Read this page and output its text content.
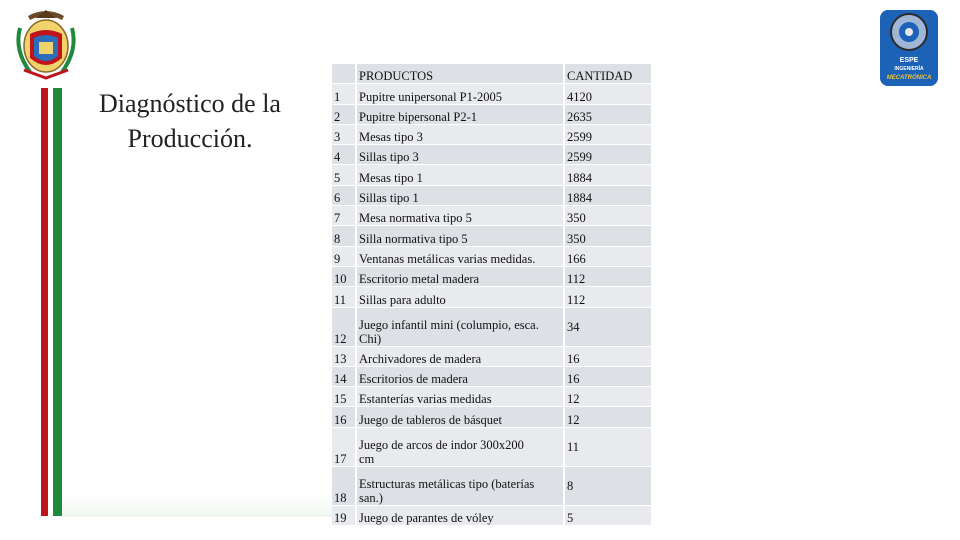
ESPE
INGENIERÍA
MECATRÓNICA
Diagnóstico de la
Producción.
	PRODUCTOS	CANTIDAD
1	Pupitre unipersonal P1-2005	4120
2	Pupitre bipersonal P2-1	2635
3	Mesas tipo 3	2599
4	Sillas tipo 3	2599
5	Mesas tipo 1	1884
6	Sillas tipo 1	1884
7	Mesa normativa tipo 5	350
8	Silla normativa tipo 5	350
9	Ventanas metálicas varias medidas.	166
10	Escritorio metal madera	112
11	Sillas para adulto	112
12	Juego infantil mini (columpio, esca.
Chi)	34
13	Archivadores de madera	16
14	Escritorios de madera	16
15	Estanterías varias medidas	12
16	Juego de tableros de básquet	12
17	Juego de arcos de indor 300x200
cm	11
18	Estructuras metálicas tipo (baterías
san.)	8
19	Juego de parantes de vóley	5
